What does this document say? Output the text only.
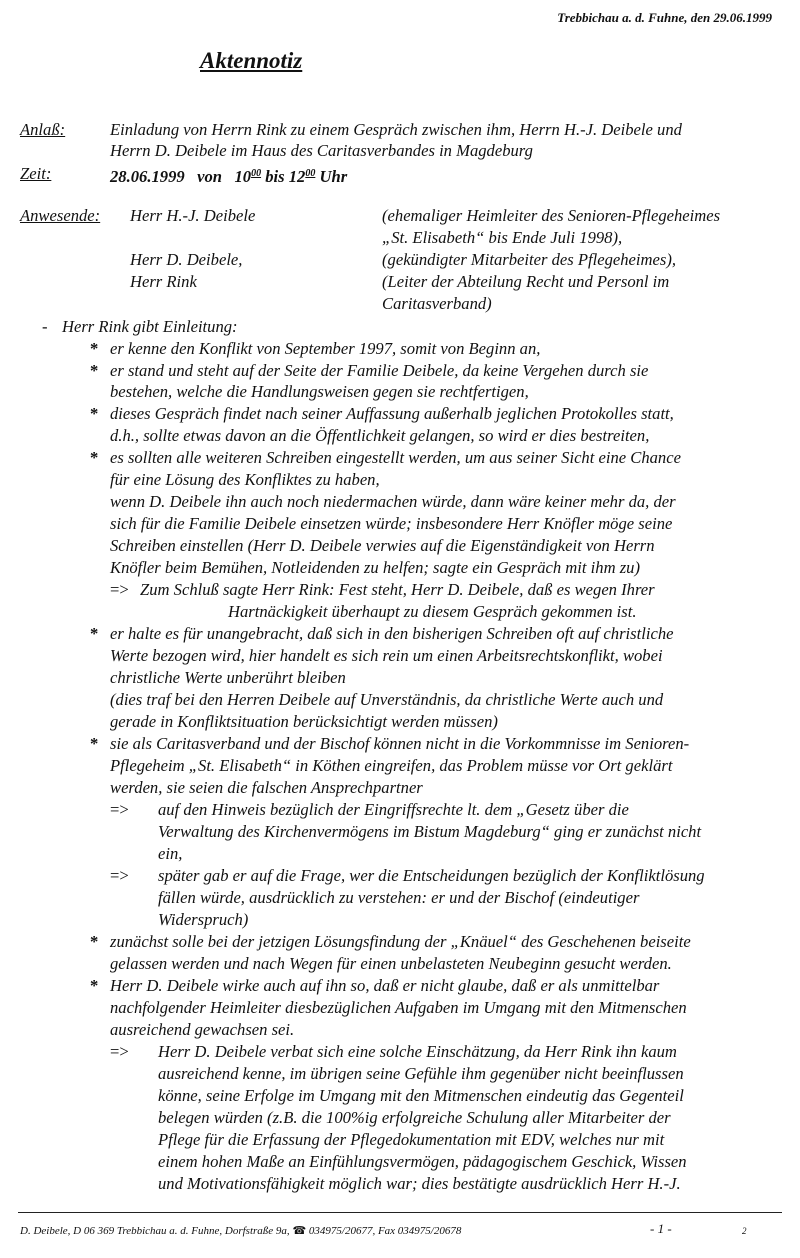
Trebbichau a. d. Fuhne, den 29.06.1999
Aktennotiz
Anlaß:	Einladung von Herrn Rink zu einem Gespräch zwischen ihm, Herrn H.-J. Deibele und
Herrn D. Deibele im Haus des Caritasverbandes in Magdeburg
Zeit:	28.06.1999 von $10^{00}$ bis $12^{00}$ Uhr
Anwesende: Herr H.-J. Deibele	(ehemaliger Heimleiter des Senioren-Pflegeheimes
„St. Elisabeth“ bis Ende Juli 1998),
Herr D. Deibele,	(gekündigter Mitarbeiter des Pflegeheimes),
Herr Rink	(Leiter der Abteilung Recht und Personl im
Caritasverband)
- Herr Rink gibt Einleitung:
* er kenne den Konflikt von September 1997, somit von Beginn an,
* er stand und steht auf der Seite der Familie Deibele, da keine Vergehen durch sie
bestehen, welche die Handlungsweisen gegen sie rechtfertigen,
* dieses Gespräch findet nach seiner Auffassung außerhalb jeglichen Protokolles statt,
d.h., sollte etwas davon an die Öffentlichkeit gelangen, so wird er dies bestreiten,
* es sollten alle weiteren Schreiben eingestellt werden, um aus seiner Sicht eine Chance
für eine Lösung des Konfliktes zu haben,
wenn D. Deibele ihn auch noch niedermachen würde, dann wäre keiner mehr da, der
sich für die Familie Deibele einsetzen würde; insbesondere Herr Knöfler möge seine
Schreiben einstellen (Herr D. Deibele verwies auf die Eigenständigkeit von Herrn
Knöfler beim Bemühen, Notleidenden zu helfen; sagte ein Gespräch mit ihm zu)
=> Zum Schluß sagte Herr Rink: Fest steht, Herr D. Deibele, daß es wegen Ihrer
Hartnäckigkeit überhaupt zu diesem Gespräch gekommen ist.
* er halte es für unangebracht, daß sich in den bisherigen Schreiben oft auf christliche
Werte bezogen wird, hier handelt es sich rein um einen Arbeitsrechtskonflikt, wobei
christliche Werte unberührt bleiben
(dies traf bei den Herren Deibele auf Unverständnis, da christliche Werte auch und
gerade in Konfliktsituation berücksichtigt werden müssen)
* sie als Caritasverband und der Bischof können nicht in die Vorkommnisse im Senioren-
Pflegeheim „St. Elisabeth“ in Köthen eingreifen, das Problem müsse vor Ort geklärt
werden, sie seien die falschen Ansprechpartner
=> auf den Hinweis bezüglich der Eingriffsrechte lt. dem „Gesetz über die
Verwaltung des Kirchenvermögens im Bistum Magdeburg“ ging er zunächst nicht
ein,
=> später gab er auf die Frage, wer die Entscheidungen bezüglich der Konfliktlösung
fällen würde, ausdrücklich zu verstehen: er und der Bischof (eindeutiger
Widerspruch)
* zunächst solle bei der jetzigen Lösungsfindung der „Knäuel“ des Geschehenen beiseite
gelassen werden und nach Wegen für einen unbelasteten Neubeginn gesucht werden.
* Herr D. Deibele wirke auch auf ihn so, daß er nicht glaube, daß er als unmittelbar
nachfolgender Heimleiter diesbezüglichen Aufgaben im Umgang mit den Mitmenschen
ausreichend gewachsen sei.
=> Herr D. Deibele verbat sich eine solche Einschätzung, da Herr Rink ihn kaum
ausreichend kenne, im übrigen seine Gefühle ihm gegenüber nicht beeinflussen
könne, seine Erfolge im Umgang mit den Mitmenschen eindeutig das Gegenteil
belegen würden (z.B. die 100%ig erfolgreiche Schulung aller Mitarbeiter der
Pflege für die Erfassung der Pflegedokumentation mit EDV, welches nur mit
einem hohen Maße an Einfühlungsvermögen, pädagogischem Geschick, Wissen
und Motivationsfähigkeit möglich war; dies bestätigte ausdrücklich Herr H.-J.
D. Deibele, D 06 369 Trebbichau a. d. Fuhne, Dorfstraße 9a, ☎ 034975/20677, Fax 034975/20678	- 1 -	2
